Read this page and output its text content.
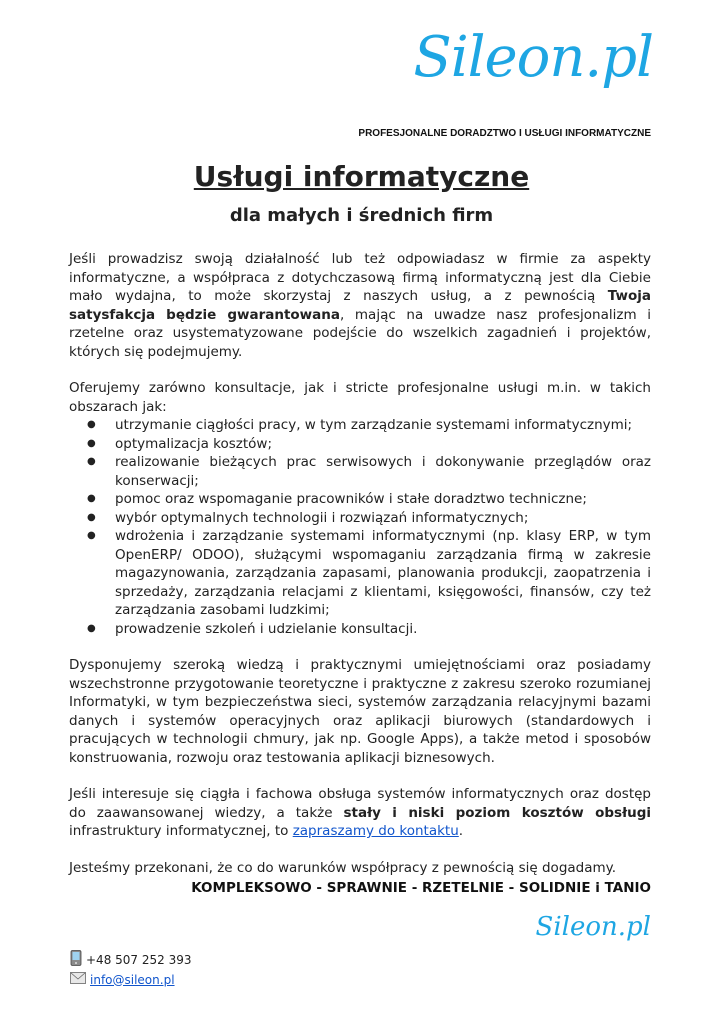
Sileon.pl
PROFESJONALNE DORADZTWO I USŁUGI INFORMATYCZNE
Usługi informatyczne
dla małych i średnich firm

Jeśli prowadzisz swoją działalność lub też odpowiadasz w firmie za aspekty informatyczne, a współpraca z dotychczasową firmą informatyczną jest dla Ciebie mało wydajna, to może skorzystaj z naszych usług, a z pewnością Twoja satysfakcja będzie gwarantowana, mając na uwadze nasz profesjonalizm i rzetelne oraz usystematyzowane podejście do wszelkich zagadnień i projektów, których się podejmujemy.

Oferujemy zarówno konsultacje, jak i stricte profesjonalne usługi m.in. w takich obszarach jak:

● utrzymanie ciągłości pracy, w tym zarządzanie systemami informatycznymi;
● optymalizacja kosztów;
● realizowanie bieżących prac serwisowych i dokonywanie przeglądów oraz konserwacji;
● pomoc oraz wspomaganie pracowników i stałe doradztwo techniczne;
● wybór optymalnych technologii i rozwiązań informatycznych;
● wdrożenia i zarządzanie systemami informatycznymi (np. klasy ERP, w tym OpenERP/ ODOO), służącymi wspomaganiu zarządzania firmą w zakresie magazynowania, zarządzania zapasami, planowania produkcji, zaopatrzenia i sprzedaży, zarządzania relacjami z klientami, księgowości, finansów, czy też zarządzania zasobami ludzkimi;
● prowadzenie szkoleń i udzielanie konsultacji.

Dysponujemy szeroką wiedzą i praktycznymi umiejętnościami oraz posiadamy wszechstronne przygotowanie teoretyczne i praktyczne z zakresu szeroko rozumianej Informatyki, w tym bezpieczeństwa sieci, systemów zarządzania relacyjnymi bazami danych i systemów operacyjnych oraz aplikacji biurowych (standardowych i pracujących w technologii chmury, jak np. Google Apps), a także metod i sposobów konstruowania, rozwoju oraz testowania aplikacji biznesowych.

Jeśli interesuje się ciągła i fachowa obsługa systemów informatycznych oraz dostęp do zaawansowanej wiedzy, a także stały i niski poziom kosztów obsługi infrastruktury informatycznej, to zapraszamy do kontaktu.

Jesteśmy przekonani, że co do warunków współpracy z pewnością się dogadamy.

KOMPLEKSOWO - SPRAWNIE - RZETELNIE - SOLIDNIE i TANIO
Sileon.pl
+48 507 252 393
info@sileon.pl
